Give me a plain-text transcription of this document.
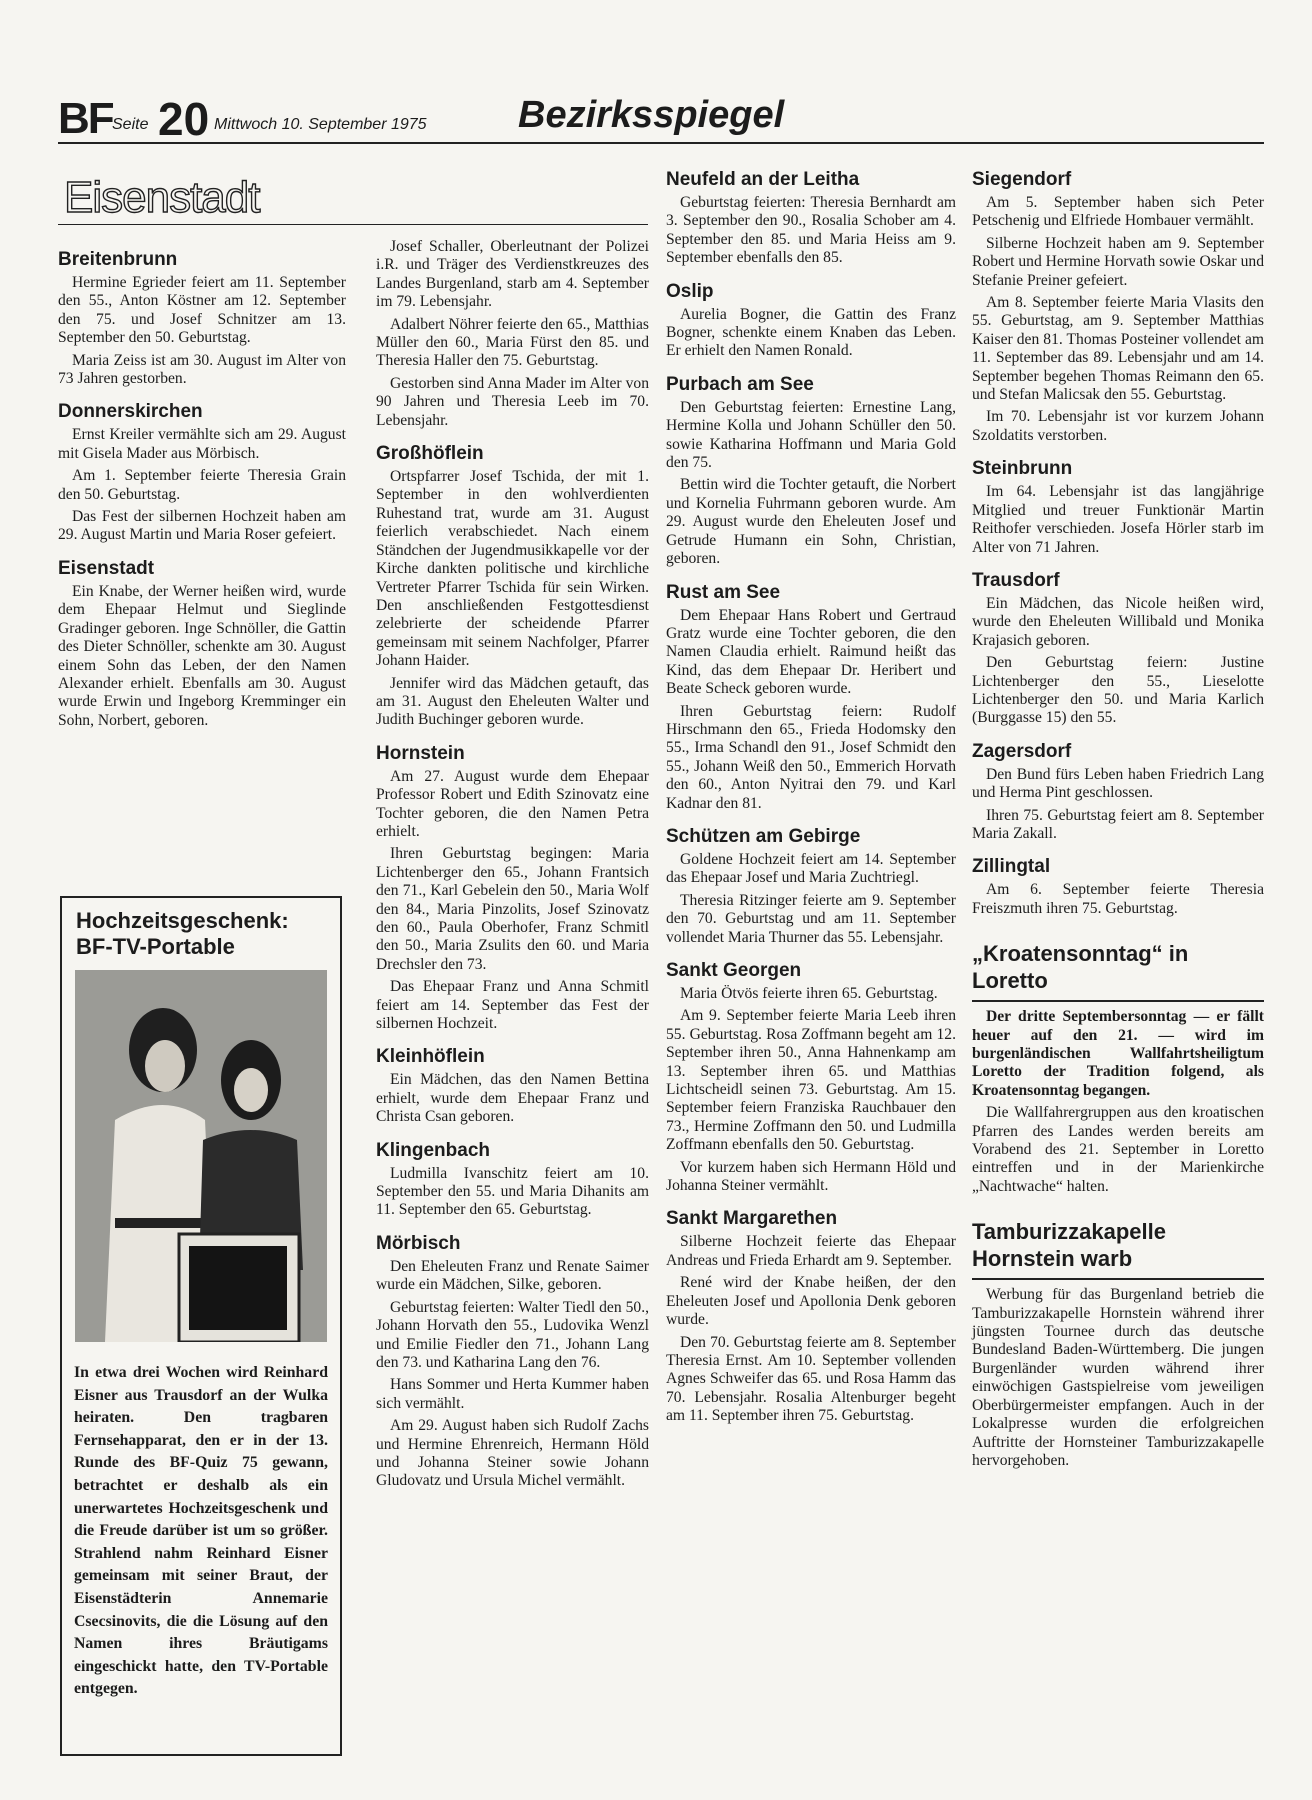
BF Seite 20 Mittwoch 10. September 1975 Bezirksspiegel
Eisenstadt
Breitenbrunn

Hermine Egrieder feiert am 11. September den 55., Anton Köstner am 12. September den 75. und Josef Schnitzer am 13. September den 50. Geburtstag.

Maria Zeiss ist am 30. August im Alter von 73 Jahren gestorben.

Donnerskirchen

Ernst Kreiler vermählte sich am 29. August mit Gisela Mader aus Mörbisch.

Am 1. September feierte Theresia Grain den 50. Geburtstag.

Das Fest der silbernen Hochzeit haben am 29. August Martin und Maria Roser gefeiert.

Eisenstadt

Ein Knabe, der Werner heißen wird, wurde dem Ehepaar Helmut und Sieglinde Gradinger geboren. Inge Schnöller, die Gattin des Dieter Schnöller, schenkte am 30. August einem Sohn das Leben, der den Namen Alexander erhielt. Ebenfalls am 30. August wurde Erwin und Ingeborg Kremminger ein Sohn, Norbert, geboren.

Hochzeitsgeschenk: BF-TV-Portable

In etwa drei Wochen wird Reinhard Eisner aus Trausdorf an der Wulka heiraten. Den tragbaren Fernsehapparat, den er in der 13. Runde des BF-Quiz 75 gewann, betrachtet er deshalb als ein unerwartetes Hochzeitsgeschenk und die Freude darüber ist um so größer. Strahlend nahm Reinhard Eisner gemeinsam mit seiner Braut, der Eisenstädterin Annemarie Csecsinovits, die die Lösung auf den Namen ihres Bräutigams eingeschickt hatte, den TV-Portable entgegen.

Josef Schaller, Oberleutnant der Polizei i.R. und Träger des Verdienstkreuzes des Landes Burgenland, starb am 4. September im 79. Lebensjahr.

Adalbert Nöhrer feierte den 65., Matthias Müller den 60., Maria Fürst den 85. und Theresia Haller den 75. Geburtstag.

Gestorben sind Anna Mader im Alter von 90 Jahren und Theresia Leeb im 70. Lebensjahr.

Großhöflein

Ortspfarrer Josef Tschida, der mit 1. September in den wohlverdienten Ruhestand trat, wurde am 31. August feierlich verabschiedet. Nach einem Ständchen der Jugendmusikkapelle vor der Kirche dankten politische und kirchliche Vertreter Pfarrer Tschida für sein Wirken. Den anschließenden Festgottesdienst zelebrierte der scheidende Pfarrer gemeinsam mit seinem Nachfolger, Pfarrer Johann Haider.

Jennifer wird das Mädchen getauft, das am 31. August den Eheleuten Walter und Judith Buchinger geboren wurde.

Hornstein

Am 27. August wurde dem Ehepaar Professor Robert und Edith Szinovatz eine Tochter geboren, die den Namen Petra erhielt.

Ihren Geburtstag begingen: Maria Lichtenberger den 65., Johann Frantsich den 71., Karl Gebelein den 50., Maria Wolf den 84., Maria Pinzolits, Josef Szinovatz den 60., Paula Oberhofer, Franz Schmitl den 50., Maria Zsulits den 60. und Maria Drechsler den 73.

Das Ehepaar Franz und Anna Schmitl feiert am 14. September das Fest der silbernen Hochzeit.

Kleinhöflein

Ein Mädchen, das den Namen Bettina erhielt, wurde dem Ehepaar Franz und Christa Csan geboren.

Klingenbach

Ludmilla Ivanschitz feiert am 10. September den 55. und Maria Dihanits am 11. September den 65. Geburtstag.

Mörbisch

Den Eheleuten Franz und Renate Saimer wurde ein Mädchen, Silke, geboren.

Geburtstag feierten: Walter Tiedl den 50., Johann Horvath den 55., Ludovika Wenzl und Emilie Fiedler den 71., Johann Lang den 73. und Katharina Lang den 76.

Hans Sommer und Herta Kummer haben sich vermählt.

Am 29. August haben sich Rudolf Zachs und Hermine Ehrenreich, Hermann Höld und Johanna Steiner sowie Johann Gludovatz und Ursula Michel vermählt.

Neufeld an der Leitha

Geburtstag feierten: Theresia Bernhardt am 3. September den 90., Rosalia Schober am 4. September den 85. und Maria Heiss am 9. September ebenfalls den 85.

Oslip

Aurelia Bogner, die Gattin des Franz Bogner, schenkte einem Knaben das Leben. Er erhielt den Namen Ronald.

Purbach am See

Den Geburtstag feierten: Ernestine Lang, Hermine Kolla und Johann Schüller den 50. sowie Katharina Hoffmann und Maria Gold den 75.

Bettin wird die Tochter getauft, die Norbert und Kornelia Fuhrmann geboren wurde. Am 29. August wurde den Eheleuten Josef und Getrude Humann ein Sohn, Christian, geboren.

Rust am See

Dem Ehepaar Hans Robert und Gertraud Gratz wurde eine Tochter geboren, die den Namen Claudia erhielt. Raimund heißt das Kind, das dem Ehepaar Dr. Heribert und Beate Scheck geboren wurde.

Ihren Geburtstag feiern: Rudolf Hirschmann den 65., Frieda Hodomsky den 55., Irma Schandl den 91., Josef Schmidt den 55., Johann Weiß den 50., Emmerich Horvath den 60., Anton Nyitrai den 79. und Karl Kadnar den 81.

Schützen am Gebirge

Goldene Hochzeit feiert am 14. September das Ehepaar Josef und Maria Zuchtriegl.

Theresia Ritzinger feierte am 9. September den 70. Geburtstag und am 11. September vollendet Maria Thurner das 55. Lebensjahr.

Sankt Georgen

Maria Ötvös feierte ihren 65. Geburtstag.

Am 9. September feierte Maria Leeb ihren 55. Geburtstag. Rosa Zoffmann begeht am 12. September ihren 50., Anna Hahnenkamp am 13. September ihren 65. und Matthias Lichtscheidl seinen 73. Geburtstag. Am 15. September feiern Franziska Rauchbauer den 73., Hermine Zoffmann den 50. und Ludmilla Zoffmann ebenfalls den 50. Geburtstag.

Vor kurzem haben sich Hermann Höld und Johanna Steiner vermählt.

Sankt Margarethen

Silberne Hochzeit feierte das Ehepaar Andreas und Frieda Erhardt am 9. September.

René wird der Knabe heißen, der den Eheleuten Josef und Apollonia Denk geboren wurde.

Den 70. Geburtstag feierte am 8. September Theresia Ernst. Am 10. September vollenden Agnes Schweifer das 65. und Rosa Hamm das 70. Lebensjahr. Rosalia Altenburger begeht am 11. September ihren 75. Geburtstag.

Siegendorf

Am 5. September haben sich Peter Petschenig und Elfriede Hombauer vermählt.

Silberne Hochzeit haben am 9. September Robert und Hermine Horvath sowie Oskar und Stefanie Preiner gefeiert.

Am 8. September feierte Maria Vlasits den 55. Geburtstag, am 9. September Matthias Kaiser den 81. Thomas Posteiner vollendet am 11. September das 89. Lebensjahr und am 14. September begehen Thomas Reimann den 65. und Stefan Malicsak den 55. Geburtstag.

Im 70. Lebensjahr ist vor kurzem Johann Szoldatits verstorben.

Steinbrunn

Im 64. Lebensjahr ist das langjährige Mitglied und treuer Funktionär Martin Reithofer verschieden. Josefa Hörler starb im Alter von 71 Jahren.

Trausdorf

Ein Mädchen, das Nicole heißen wird, wurde den Eheleuten Willibald und Monika Krajasich geboren.

Den Geburtstag feiern: Justine Lichtenberger den 55., Lieselotte Lichtenberger den 50. und Maria Karlich (Burggasse 15) den 55.

Zagersdorf

Den Bund fürs Leben haben Friedrich Lang und Herma Pint geschlossen.

Ihren 75. Geburtstag feiert am 8. September Maria Zakall.

Zillingtal

Am 6. September feierte Theresia Freiszmuth ihren 75. Geburtstag.

„Kroatensonntag“ in Loretto

Der dritte Septembersonntag — er fällt heuer auf den 21. — wird im burgenländischen Wallfahrtsheiligtum Loretto der Tradition folgend, als Kroatensonntag begangen.

Die Wallfahrergruppen aus den kroatischen Pfarren des Landes werden bereits am Vorabend des 21. September in Loretto eintreffen und in der Marienkirche „Nachtwache“ halten.

Tamburizzakapelle Hornstein warb

Werbung für das Burgenland betrieb die Tamburizzakapelle Hornstein während ihrer jüngsten Tournee durch das deutsche Bundesland Baden-Württemberg. Die jungen Burgenländer wurden während ihrer einwöchigen Gastspielreise vom jeweiligen Oberbürgermeister empfangen. Auch in der Lokalpresse wurden die erfolgreichen Auftritte der Hornsteiner Tamburizzakapelle hervorgehoben.
